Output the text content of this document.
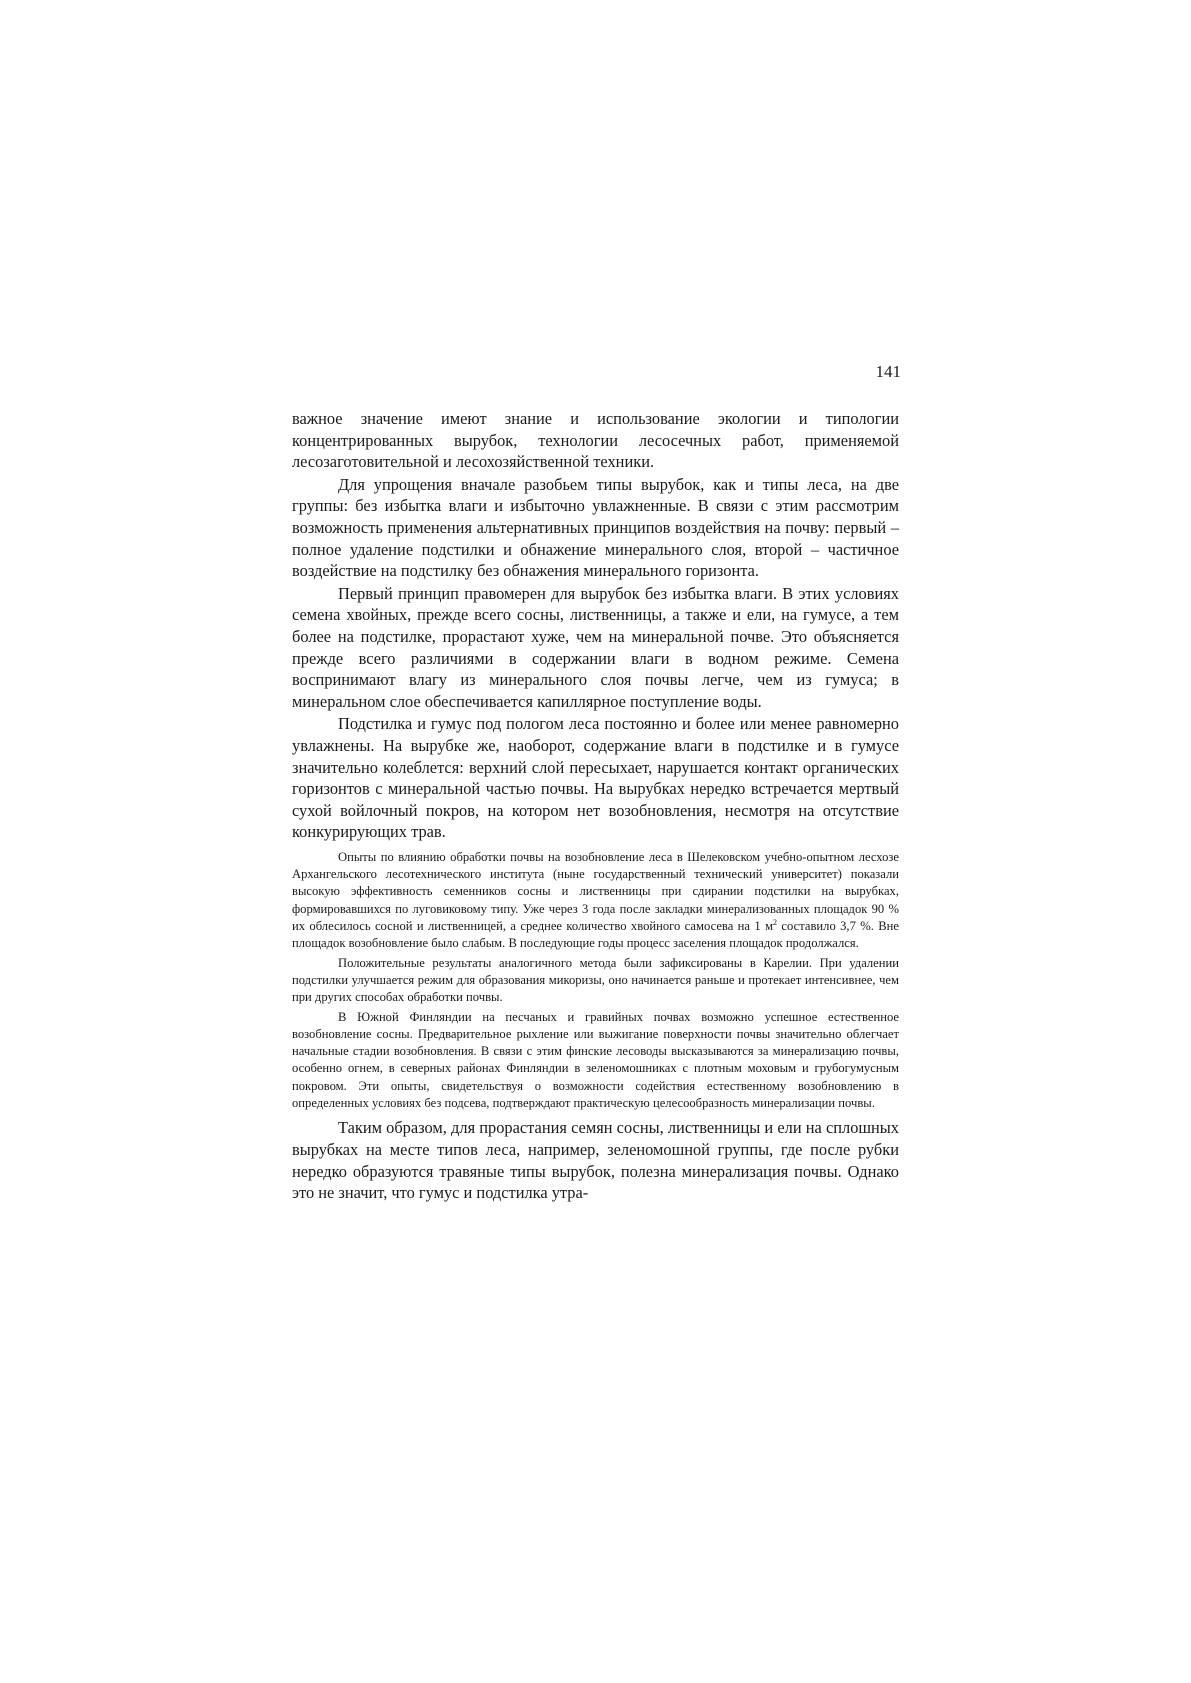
141

важное значение имеют знание и использование экологии и типологии концентрированных вырубок, технологии лесосечных работ, применяемой лесозаготовительной и лесохозяйственной техники.

Для упрощения вначале разобьем типы вырубок, как и типы леса, на две группы: без избытка влаги и избыточно увлажненные. В связи с этим рассмотрим возможность применения альтернативных принципов воздействия на почву: первый – полное удаление подстилки и обнажение минерального слоя, второй – частичное воздействие на подстилку без обнажения минерального горизонта.

Первый принцип правомерен для вырубок без избытка влаги. В этих условиях семена хвойных, прежде всего сосны, лиственницы, а также и ели, на гумусе, а тем более на подстилке, прорастают хуже, чем на минеральной почве. Это объясняется прежде всего различиями в содержании влаги в водном режиме. Семена воспринимают влагу из минерального слоя почвы легче, чем из гумуса; в минеральном слое обеспечивается капиллярное поступление воды.

Подстилка и гумус под пологом леса постоянно и более или менее равномерно увлажнены. На вырубке же, наоборот, содержание влаги в подстилке и в гумусе значительно колеблется: верхний слой пересыхает, нарушается контакт органических горизонтов с минеральной частью почвы. На вырубках нередко встречается мертвый сухой войлочный покров, на котором нет возобновления, несмотря на отсутствие конкурирующих трав.

Опыты по влиянию обработки почвы на возобновление леса в Шелековском учебно-опытном лесхозе Архангельского лесотехнического института (ныне государственный технический университет) показали высокую эффективность семенников сосны и лиственницы при сдирании подстилки на вырубках, формировавшихся по луговиковому типу. Уже через 3 года после закладки минерализованных площадок 90 % их облесилось сосной и лиственницей, а среднее количество хвойного самосева на 1 $м^2$ составило 3,7 %. Вне площадок возобновление было слабым. В последующие годы процесс заселения площадок продолжался.

Положительные результаты аналогичного метода были зафиксированы в Карелии. При удалении подстилки улучшается режим для образования микоризы, оно начинается раньше и протекает интенсивнее, чем при других способах обработки почвы.

В Южной Финляндии на песчаных и гравийных почвах возможно успешное естественное возобновление сосны. Предварительное рыхление или выжигание поверхности почвы значительно облегчает начальные стадии возобновления. В связи с этим финские лесоводы высказываются за минерализацию почвы, особенно огнем, в северных районах Финляндии в зеленомошниках с плотным моховым и грубогумусным покровом. Эти опыты, свидетельствуя о возможности содействия естественному возобновлению в определенных условиях без подсева, подтверждают практическую целесообразность минерализации почвы.

Таким образом, для прорастания семян сосны, лиственницы и ели на сплошных вырубках на месте типов леса, например, зеленомошной группы, где после рубки нередко образуются травяные типы вырубок, полезна минерализация почвы. Однако это не значит, что гумус и подстилка утра-
